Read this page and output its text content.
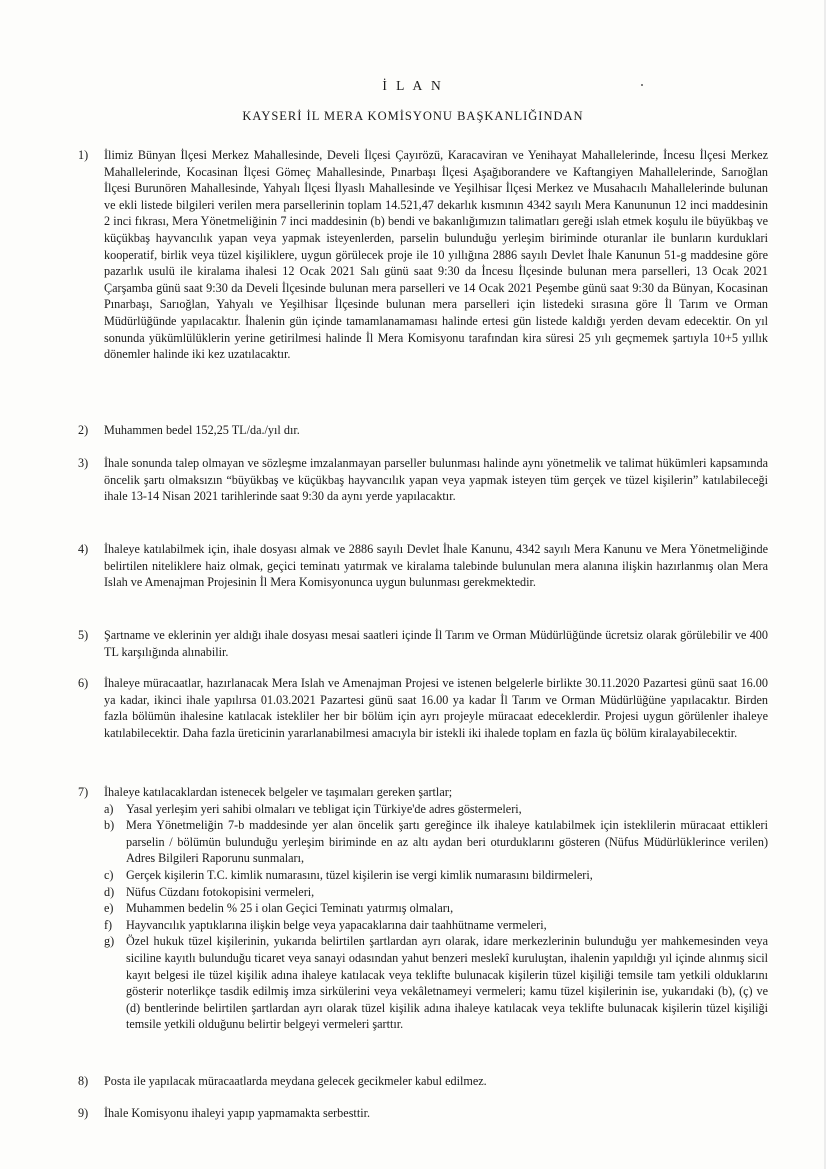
İ L A N
KAYSERİ İL MERA KOMİSYONU BAŞKANLIĞINDAN
1)	İlimiz Bünyan İlçesi Merkez Mahallesinde, Develi İlçesi Çayırözü, Karacaviran ve Yenihayat Mahallelerinde, İncesu İlçesi Merkez Mahallelerinde, Kocasinan İlçesi Gömeç Mahallesinde, Pınarbaşı İlçesi Aşağıborandere ve Kaftangiyen Mahallelerinde, Sarıoğlan İlçesi Burunören Mahallesinde, Yahyalı İlçesi İlyaslı Mahallesinde ve Yeşilhisar İlçesi Merkez ve Musahacılı Mahallelerinde bulunan ve ekli listede bilgileri verilen mera parsellerinin toplam 14.521,47 dekarlık kısmının 4342 sayılı Mera Kanununun 12 inci maddesinin 2 inci fıkrası, Mera Yönetmeliğinin 7 inci maddesinin (b) bendi ve bakanlığımızın talimatları gereği ıslah etmek koşulu ile büyükbaş ve küçükbaş hayvancılık yapan veya yapmak isteyenlerden, parselin bulunduğu yerleşim biriminde oturanlar ile bunların kurduklari kooperatif, birlik veya tüzel kişiliklere, uygun görülecek proje ile 10 yıllığına 2886 sayılı Devlet İhale Kanunun 51-g maddesine göre pazarlık usulü ile kiralama ihalesi 12 Ocak 2021 Salı günü saat 9:30 da İncesu İlçesinde bulunan mera parselleri, 13 Ocak 2021 Çarşamba günü saat 9:30 da Develi İlçesinde bulunan mera parselleri ve 14 Ocak 2021 Peşembe günü saat 9:30 da Bünyan, Kocasinan Pınarbaşı, Sarıoğlan, Yahyalı ve Yeşilhisar İlçesinde bulunan mera parselleri için listedeki sırasına göre İl Tarım ve Orman Müdürlüğünde yapılacaktır. İhalenin gün içinde tamamlanamaması halinde ertesi gün listede kaldığı yerden devam edecektir. On yıl sonunda yükümlülüklerin yerine getirilmesi halinde İl Mera Komisyonu tarafından kira süresi 25 yılı geçmemek şartıyla 10+5 yıllık dönemler halinde iki kez uzatılacaktır.
2)	Muhammen bedel 152,25 TL/da./yıl dır.
3)	İhale sonunda talep olmayan ve sözleşme imzalanmayan parseller bulunması halinde aynı yönetmelik ve talimat hükümleri kapsamında öncelik şartı olmaksızın “büyükbaş ve küçükbaş hayvancılık yapan veya yapmak isteyen tüm gerçek ve tüzel kişilerin” katılabileceği ihale 13-14 Nisan 2021 tarihlerinde saat 9:30 da aynı yerde yapılacaktır.
4)	İhaleye katılabilmek için, ihale dosyası almak ve 2886 sayılı Devlet İhale Kanunu, 4342 sayılı Mera Kanunu ve Mera Yönetmeliğinde belirtilen niteliklere haiz olmak, geçici teminatı yatırmak ve kiralama talebinde bulunulan mera alanına ilişkin hazırlanmış olan Mera Islah ve Amenajman Projesinin İl Mera Komisyonunca uygun bulunması gerekmektedir.
5)	Şartname ve eklerinin yer aldığı ihale dosyası mesai saatleri içinde İl Tarım ve Orman Müdürlüğünde ücretsiz olarak görülebilir ve 400 TL karşılığında alınabilir.
6)	İhaleye müracaatlar, hazırlanacak Mera Islah ve Amenajman Projesi ve istenen belgelerle birlikte 30.11.2020 Pazartesi günü saat 16.00 ya kadar, ikinci ihale yapılırsa 01.03.2021 Pazartesi günü saat 16.00 ya kadar İl Tarım ve Orman Müdürlüğüne yapılacaktır. Birden fazla bölümün ihalesine katılacak istekliler her bir bölüm için ayrı projeyle müracaat edeceklerdir. Projesi uygun görülenler ihaleye katılabilecektir. Daha fazla üreticinin yararlanabilmesi amacıyla bir istekli iki ihalede toplam en fazla üç bölüm kiralayabilecektir.
7)	İhaleye katılacaklardan istenecek belgeler ve taşımaları gereken şartlar;
a) Yasal yerleşim yeri sahibi olmaları ve tebligat için Türkiye'de adres göstermeleri,
b) Mera Yönetmeliğin 7-b maddesinde yer alan öncelik şartı gereğince ilk ihaleye katılabilmek için isteklilerin müracaat ettikleri parselin / bölümün bulunduğu yerleşim biriminde en az altı aydan beri oturduklarını gösteren (Nüfus Müdürlüklerince verilen) Adres Bilgileri Raporunu sunmaları,
c) Gerçek kişilerin T.C. kimlik numarasını, tüzel kişilerin ise vergi kimlik numarasını bildirmeleri,
d) Nüfus Cüzdanı fotokopisini vermeleri,
e) Muhammen bedelin % 25 i olan Geçici Teminatı yatırmış olmaları,
f) Hayvancılık yaptıklarına ilişkin belge veya yapacaklarına dair taahhütname vermeleri,
g) Özel hukuk tüzel kişilerinin, yukarıda belirtilen şartlardan ayrı olarak, idare merkezlerinin bulunduğu yer mahkemesinden veya siciline kayıtlı bulunduğu ticaret veya sanayi odasından yahut benzeri meslekî kuruluştan, ihalenin yapıldığı yıl içinde alınmış sicil kayıt belgesi ile tüzel kişilik adına ihaleye katılacak veya teklifte bulunacak kişilerin tüzel kişiliği temsile tam yetkili olduklarını gösterir noterlikçe tasdik edilmiş imza sirkülerini veya vekâletnameyi vermeleri; kamu tüzel kişilerinin ise, yukarıdaki (b), (ç) ve (d) bentlerinde belirtilen şartlardan ayrı olarak tüzel kişilik adına ihaleye katılacak veya teklifte bulunacak kişilerin tüzel kişiliği temsile yetkili olduğunu belirtir belgeyi vermeleri şarttır.
8)	Posta ile yapılacak müracaatlarda meydana gelecek gecikmeler kabul edilmez.
9)	İhale Komisyonu ihaleyi yapıp yapmamakta serbesttir.
